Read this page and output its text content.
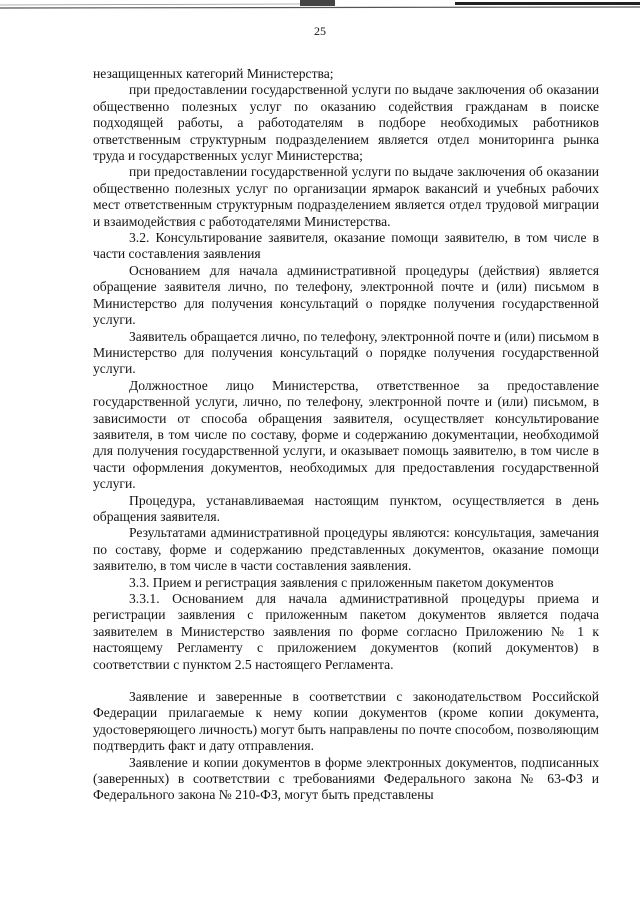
25

незащищенных категорий Министерства;

при предоставлении государственной услуги по выдаче заключения об оказании общественно полезных услуг по оказанию содействия гражданам в поиске подходящей работы, а работодателям в подборе необходимых работников ответственным структурным подразделением является отдел мониторинга рынка труда и государственных услуг Министерства;

при предоставлении государственной услуги по выдаче заключения об оказании общественно полезных услуг по организации ярмарок вакансий и учебных рабочих мест ответственным структурным подразделением является отдел трудовой миграции и взаимодействия с работодателями Министерства.

3.2. Консультирование заявителя, оказание помощи заявителю, в том числе в части составления заявления

Основанием для начала административной процедуры (действия) является обращение заявителя лично, по телефону, электронной почте и (или) письмом в Министерство для получения консультаций о порядке получения государственной услуги.

Заявитель обращается лично, по телефону, электронной почте и (или) письмом в Министерство для получения консультаций о порядке получения государственной услуги.

Должностное лицо Министерства, ответственное за предоставление государственной услуги, лично, по телефону, электронной почте и (или) письмом, в зависимости от способа обращения заявителя, осуществляет консультирование заявителя, в том числе по составу, форме и содержанию документации, необходимой для получения государственной услуги, и оказывает помощь заявителю, в том числе в части оформления документов, необходимых для предоставления государственной услуги.

Процедура, устанавливаемая настоящим пунктом, осуществляется в день обращения заявителя.

Результатами административной процедуры являются: консультация, замечания по составу, форме и содержанию представленных документов, оказание помощи заявителю, в том числе в части составления заявления.

3.3. Прием и регистрация заявления с приложенным пакетом документов

3.3.1. Основанием для начала административной процедуры приема и регистрации заявления с приложенным пакетом документов является подача заявителем в Министерство заявления по форме согласно Приложению № 1 к настоящему Регламенту с приложением документов (копий документов) в соответствии с пунктом 2.5 настоящего Регламента.

Заявление и заверенные в соответствии с законодательством Российской Федерации прилагаемые к нему копии документов (кроме копии документа, удостоверяющего личность) могут быть направлены по почте способом, позволяющим подтвердить факт и дату отправления.

Заявление и копии документов в форме электронных документов, подписанных (заверенных) в соответствии с требованиями Федерального закона № 63-ФЗ и Федерального закона № 210-ФЗ, могут быть представлены
